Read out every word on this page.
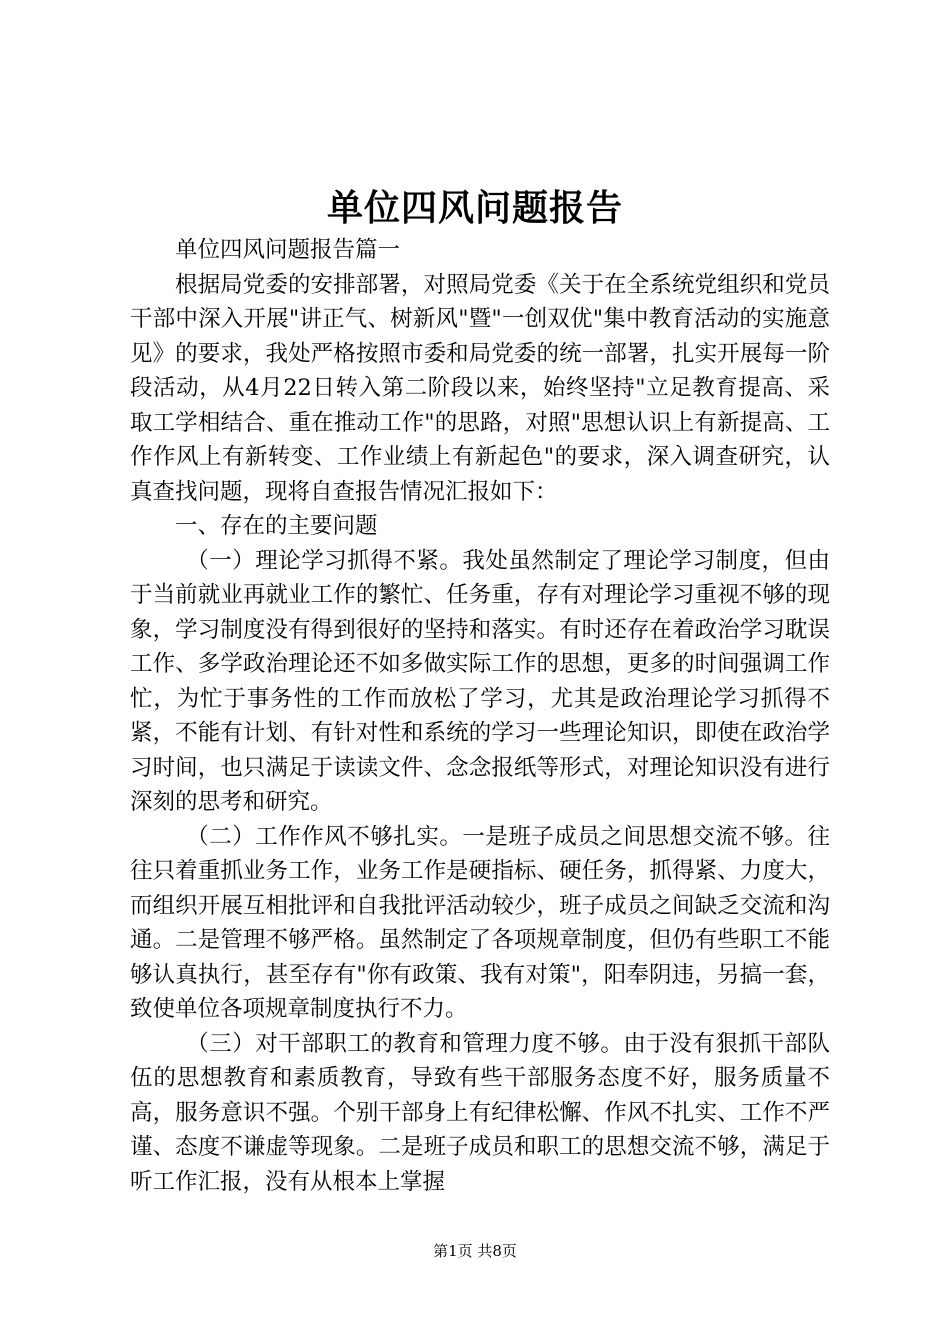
单位四风问题报告

单位四风问题报告篇一

根据局党委的安排部署，对照局党委《关于在全系统党组织和党员干部中深入开展"讲正气、树新风"暨"一创双优"集中教育活动的实施意见》的要求，我处严格按照市委和局党委的统一部署，扎实开展每一阶段活动，从4月22日转入第二阶段以来，始终坚持"立足教育提高、采取工学相结合、重在推动工作"的思路，对照"思想认识上有新提高、工作作风上有新转变、工作业绩上有新起色"的要求，深入调查研究，认真查找问题，现将自查报告情况汇报如下：

一、存在的主要问题

（一）理论学习抓得不紧。我处虽然制定了理论学习制度，但由于当前就业再就业工作的繁忙、任务重，存有对理论学习重视不够的现象，学习制度没有得到很好的坚持和落实。有时还存在着政治学习耽误工作、多学政治理论还不如多做实际工作的思想，更多的时间强调工作忙，为忙于事务性的工作而放松了学习，尤其是政治理论学习抓得不紧，不能有计划、有针对性和系统的学习一些理论知识，即使在政治学习时间，也只满足于读读文件、念念报纸等形式，对理论知识没有进行深刻的思考和研究。

（二）工作作风不够扎实。一是班子成员之间思想交流不够。往往只着重抓业务工作，业务工作是硬指标、硬任务，抓得紧、力度大，而组织开展互相批评和自我批评活动较少，班子成员之间缺乏交流和沟通。二是管理不够严格。虽然制定了各项规章制度，但仍有些职工不能够认真执行，甚至存有"你有政策、我有对策"，阳奉阴违，另搞一套，致使单位各项规章制度执行不力。

（三）对干部职工的教育和管理力度不够。由于没有狠抓干部队伍的思想教育和素质教育，导致有些干部服务态度不好，服务质量不高，服务意识不强。个别干部身上有纪律松懈、作风不扎实、工作不严谨、态度不谦虚等现象。二是班子成员和职工的思想交流不够，满足于听工作汇报，没有从根本上掌握

第1页 共8页
